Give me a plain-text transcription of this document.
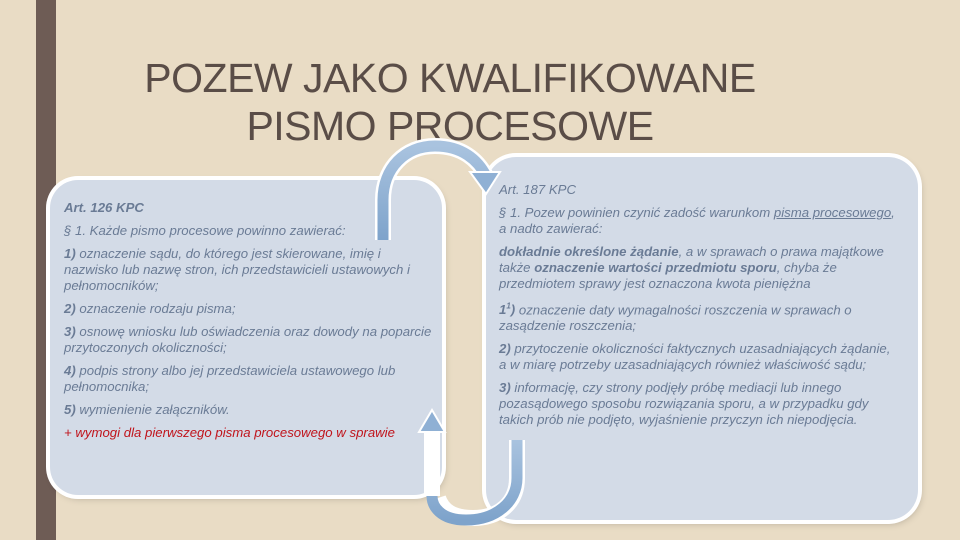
POZEW JAKO KWALIFIKOWANE
PISMO PROCESOWE

Art. 126 KPC

§ 1. Każde pismo procesowe powinno zawierać:

1) oznaczenie sądu, do którego jest skierowane, imię i nazwisko lub nazwę stron, ich przedstawicieli ustawowych i pełnomocników;

2) oznaczenie rodzaju pisma;

3) osnowę wniosku lub oświadczenia oraz dowody na poparcie przytoczonych okoliczności;

4) podpis strony albo jej przedstawiciela ustawowego lub pełnomocnika;

5) wymienienie załączników.

+ wymogi dla pierwszego pisma procesowego w sprawie

Art. 187 KPC

§ 1. Pozew powinien czynić zadość warunkom pisma procesowego, a nadto zawierać:

dokładnie określone żądanie, a w sprawach o prawa majątkowe także oznaczenie wartości przedmiotu sporu, chyba że przedmiotem sprawy jest oznaczona kwota pieniężna

$1^1$) oznaczenie daty wymagalności roszczenia w sprawach o zasądzenie roszczenia;

2) przytoczenie okoliczności faktycznych uzasadniających żądanie, a w miarę potrzeby uzasadniających również właściwość sądu;

3) informację, czy strony podjęły próbę mediacji lub innego pozasądowego sposobu rozwiązania sporu, a w przypadku gdy takich prób nie podjęto, wyjaśnienie przyczyn ich niepodjęcia.
